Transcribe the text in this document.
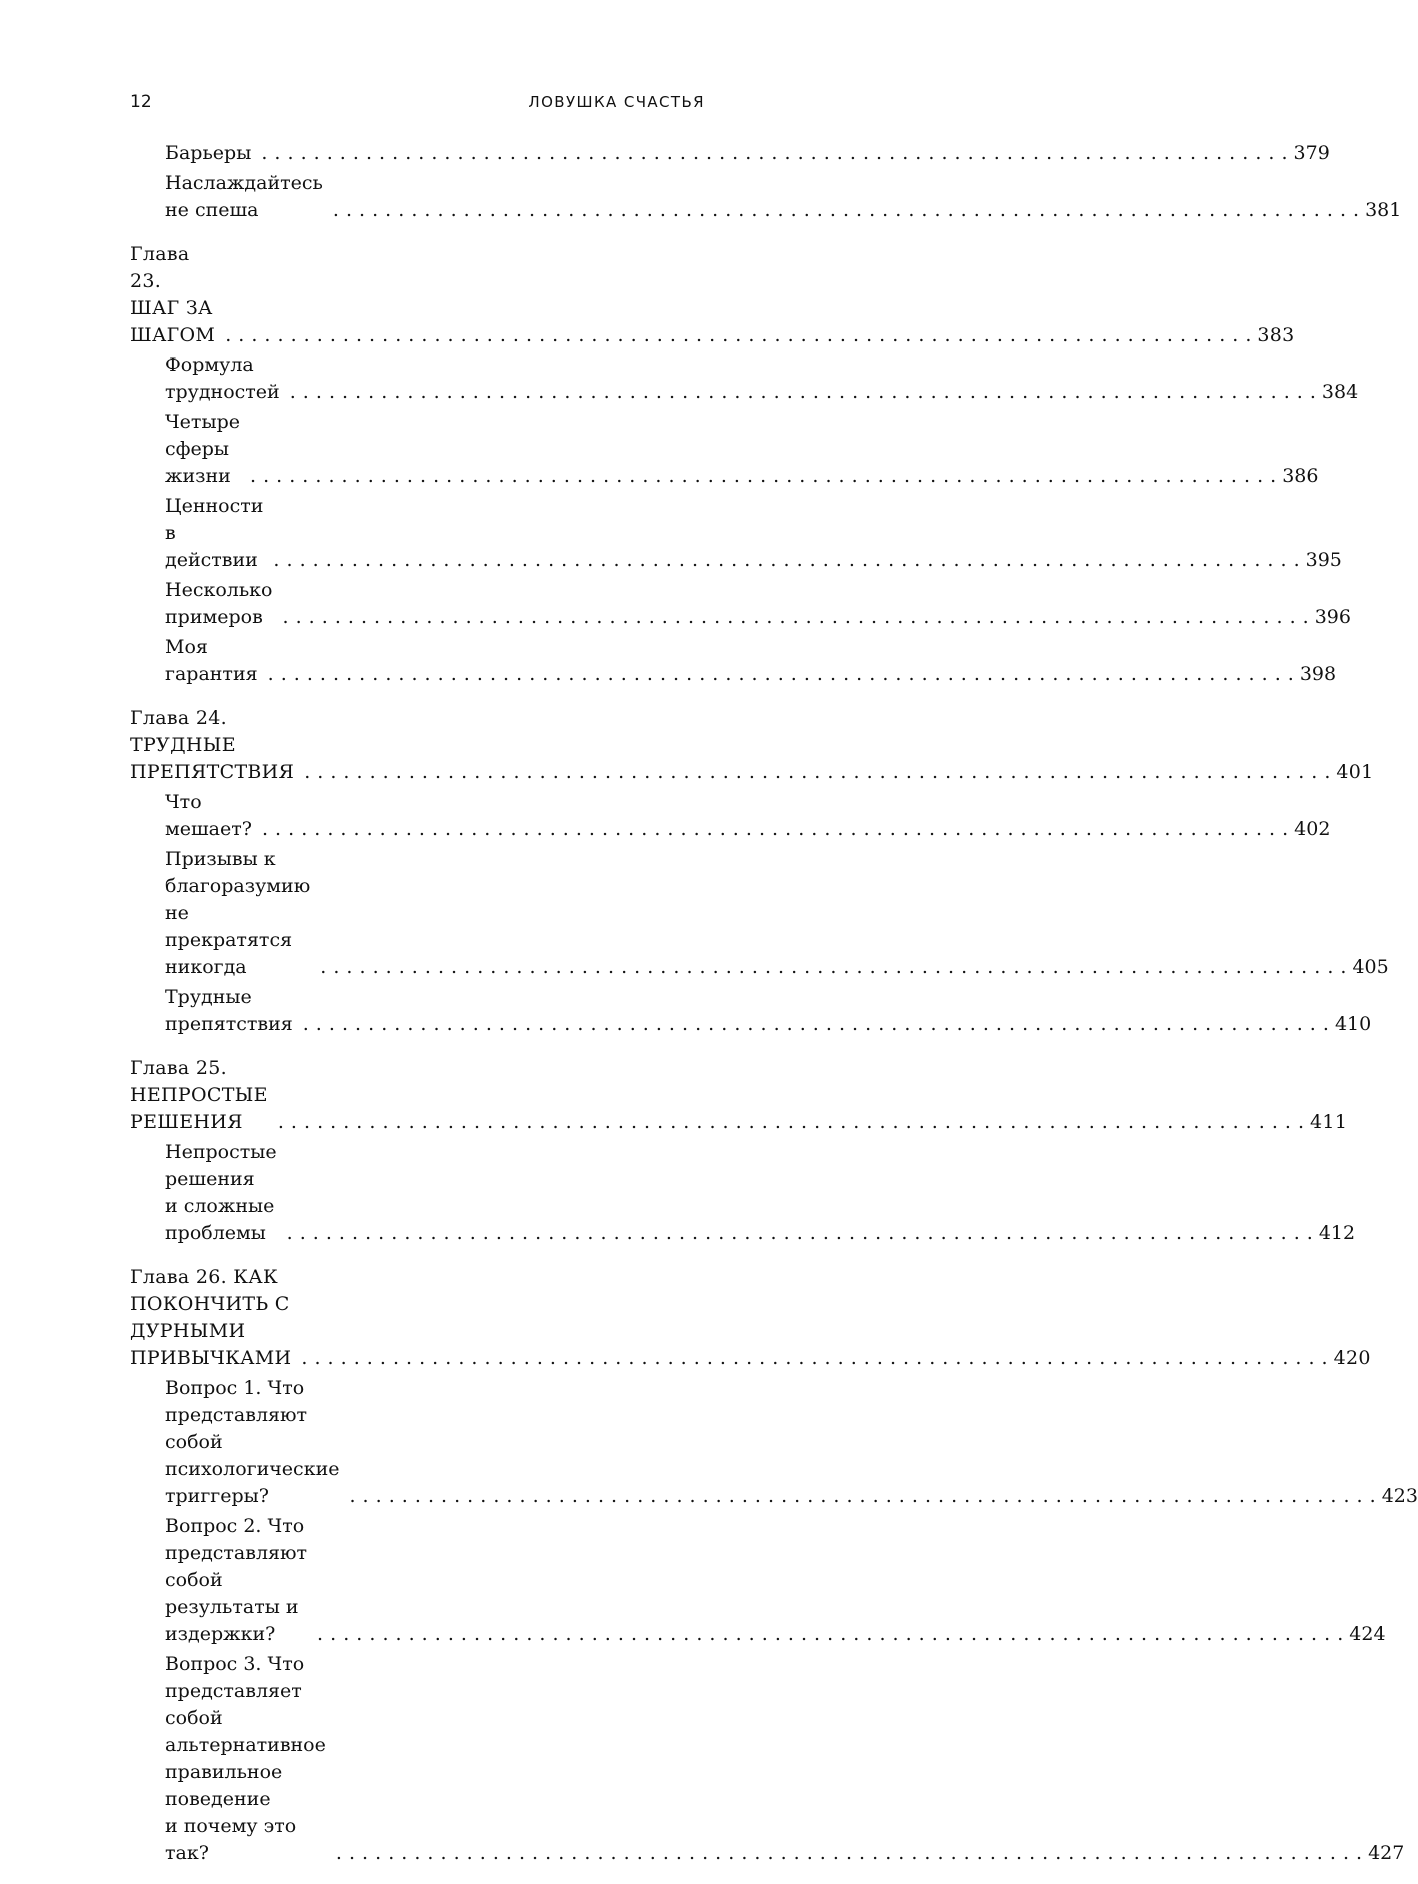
12	ЛОВУШКА СЧАСТЬЯ
Барьеры . . .	379
Наслаждайтесь не спеша . . .	381
Глава 23. ШАГ ЗА ШАГОМ . . .	383
Формула трудностей . . .	384
Четыре сферы жизни . . .	386
Ценности в действии . . .	395
Несколько примеров . . .	396
Моя гарантия . . .	398
Глава 24. ТРУДНЫЕ ПРЕПЯТСТВИЯ . . .	401
Что мешает? . . .	402
Призывы к благоразумию
не прекратятся никогда . . .	405
Трудные препятствия . . .	410
Глава 25. НЕПРОСТЫЕ РЕШЕНИЯ . . .	411
Непростые решения
и сложные проблемы . . .	412
Глава 26. КАК ПОКОНЧИТЬ С ДУРНЫМИ
ПРИВЫЧКАМИ . . .	420
Вопрос 1. Что представляют
собой психологические триггеры? . . .	423
Вопрос 2. Что представляют собой
результаты и издержки? . . .	424
Вопрос 3. Что представляет собой
альтернативное правильное поведение
и почему это так? . . .	427
